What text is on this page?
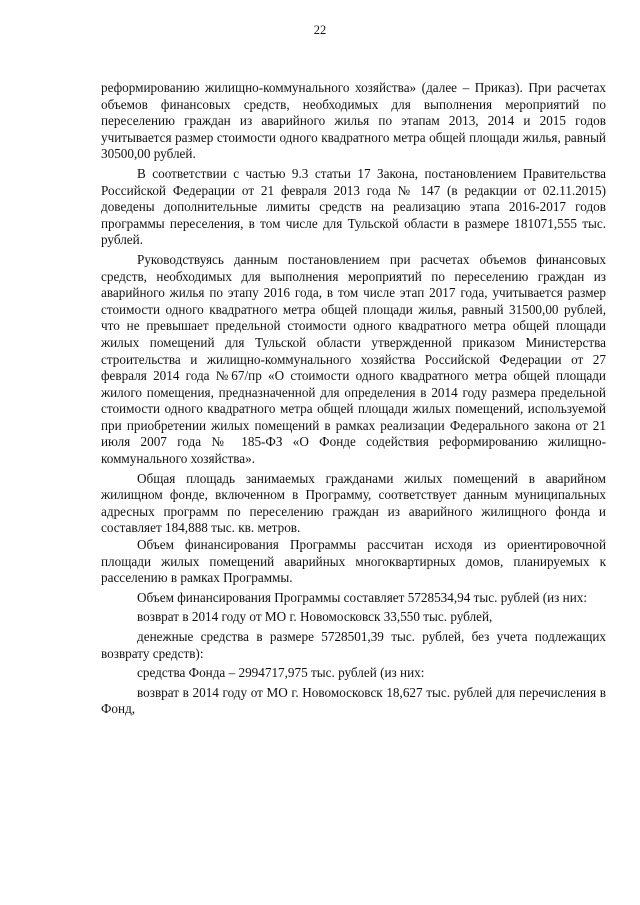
22

реформированию жилищно-коммунального хозяйства» (далее – Приказ). При расчетах объемов финансовых средств, необходимых для выполнения мероприятий по переселению граждан из аварийного жилья по этапам 2013, 2014 и 2015 годов учитывается размер стоимости одного квадратного метра общей площади жилья, равный 30500,00 рублей.

В соответствии с частью 9.3 статьи 17 Закона, постановлением Правительства Российской Федерации от 21 февраля 2013 года № 147 (в редакции от 02.11.2015) доведены дополнительные лимиты средств на реализацию этапа 2016-2017 годов программы переселения, в том числе для Тульской области в размере 181071,555 тыс. рублей.

Руководствуясь данным постановлением при расчетах объемов финансовых средств, необходимых для выполнения мероприятий по переселению граждан из аварийного жилья по этапу 2016 года, в том числе этап 2017 года, учитывается размер стоимости одного квадратного метра общей площади жилья, равный 31500,00 рублей, что не превышает предельной стоимости одного квадратного метра общей площади жилых помещений для Тульской области утвержденной приказом Министерства строительства и жилищно-коммунального хозяйства Российской Федерации от 27 февраля 2014 года №67/пр «О стоимости одного квадратного метра общей площади жилого помещения, предназначенной для определения в 2014 году размера предельной стоимости одного квадратного метра общей площади жилых помещений, используемой при приобретении жилых помещений в рамках реализации Федерального закона от 21 июля 2007 года № 185-ФЗ «О Фонде содействия реформированию жилищно-коммунального хозяйства».

Общая площадь занимаемых гражданами жилых помещений в аварийном жилищном фонде, включенном в Программу, соответствует данным муниципальных адресных программ по переселению граждан из аварийного жилищного фонда и составляет 184,888 тыс. кв. метров.

Объем финансирования Программы рассчитан исходя из ориентировочной площади жилых помещений аварийных многоквартирных домов, планируемых к расселению в рамках Программы.

Объем финансирования Программы составляет 5728534,94 тыс. рублей (из них:

возврат в 2014 году от МО г. Новомосковск 33,550 тыс. рублей,

денежные средства в размере 5728501,39 тыс. рублей, без учета подлежащих возврату средств):

средства Фонда – 2994717,975 тыс. рублей (из них:

возврат в 2014 году от МО г. Новомосковск 18,627 тыс. рублей для перечисления в Фонд,
